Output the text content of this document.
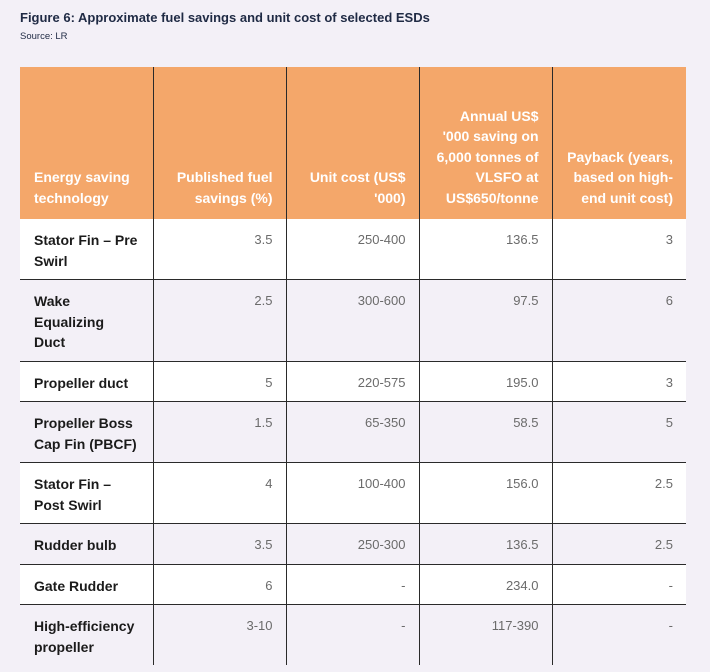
Figure 6: Approximate fuel savings and unit cost of selected ESDs
Source: LR
Energy saving technology	Published fuel savings (%)	Unit cost (US$ '000)	Annual US$ '000 saving on 6,000 tonnes of VLSFO at US$650/tonne	Payback (years, based on high-end unit cost)
Stator Fin – Pre Swirl	3.5	250-400	136.5	3
Wake Equalizing Duct	2.5	300-600	97.5	6
Propeller duct	5	220-575	195.0	3
Propeller Boss Cap Fin (PBCF)	1.5	65-350	58.5	5
Stator Fin – Post Swirl	4	100-400	156.0	2.5
Rudder bulb	3.5	250-300	136.5	2.5
Gate Rudder	6	-	234.0	-
High-efficiency propeller	3-10	-	117-390	-
